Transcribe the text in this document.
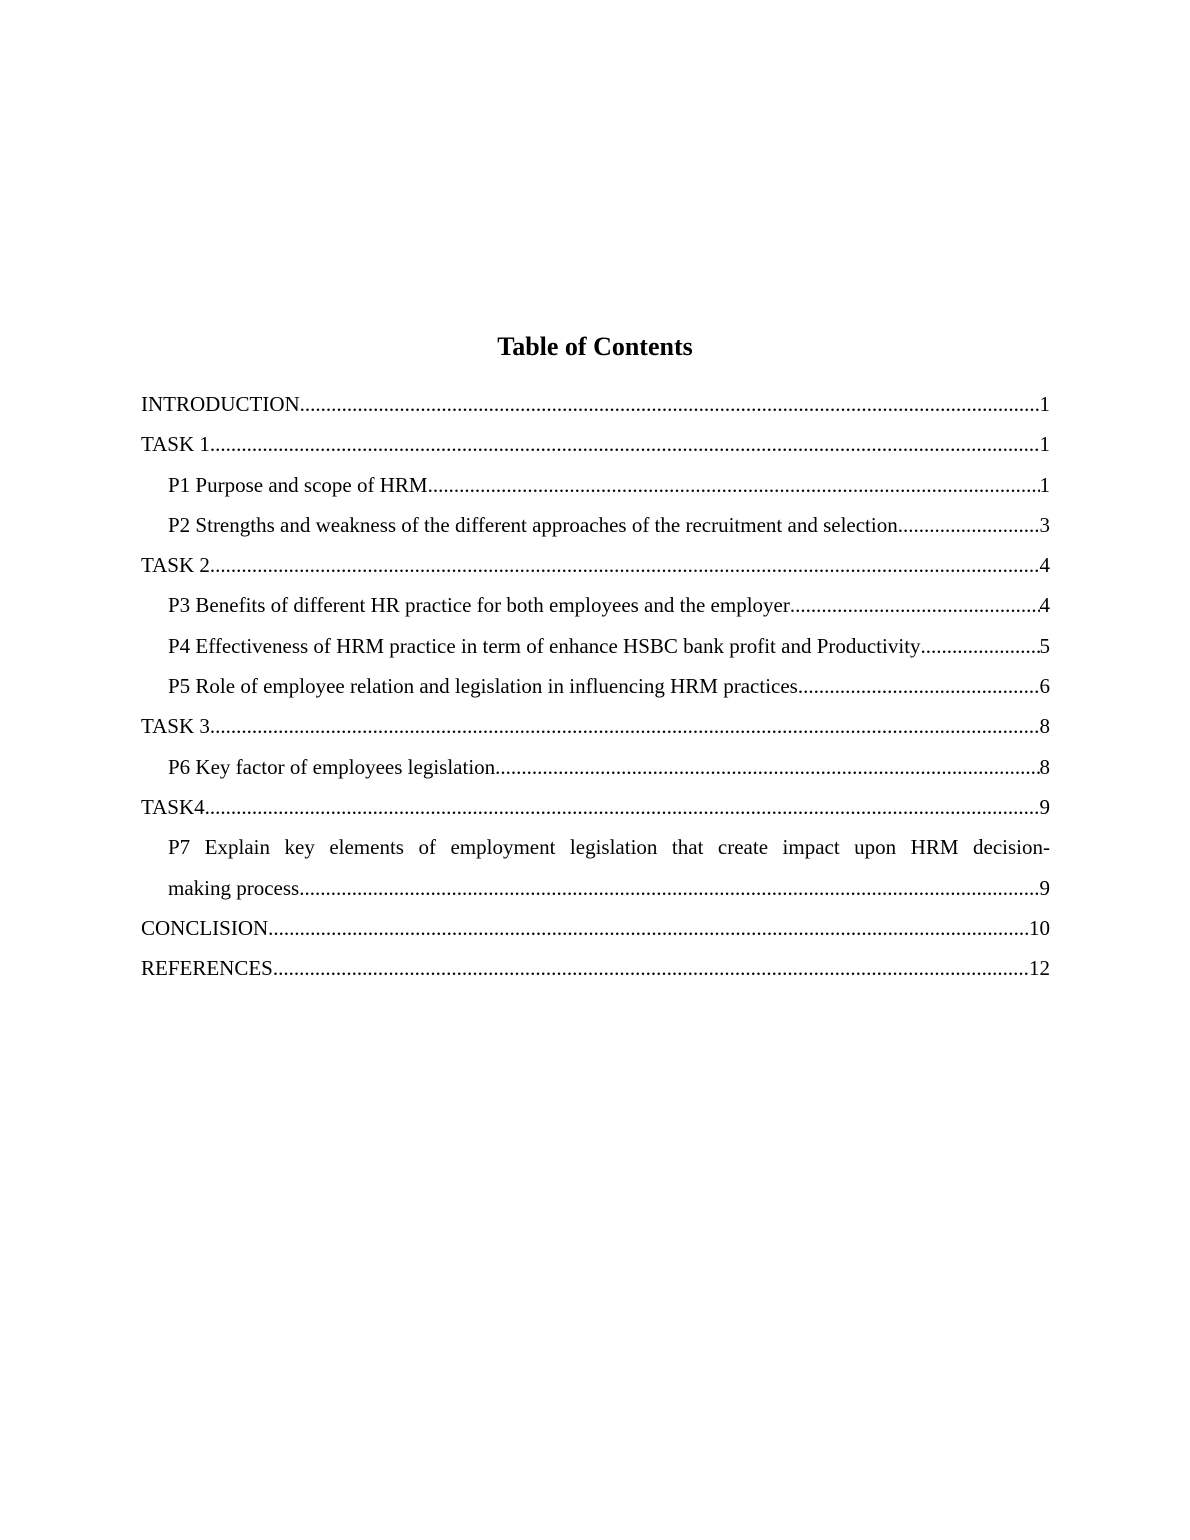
Table of Contents
INTRODUCTION .....	1
TASK 1 .....	1
P1 Purpose and scope of HRM .....	1
P2 Strengths and weakness of the different approaches of the recruitment and selection .....	3
TASK 2 .....	4
P3 Benefits of different HR practice for both employees and the employer .....	4
P4 Effectiveness of HRM practice in term of enhance HSBC bank profit and Productivity .....	5
P5 Role of employee relation and legislation in influencing HRM practices .....	6
TASK 3 .....	8
P6 Key factor of employees legislation .....	8
TASK4 .....	9
P7 Explain key elements of employment legislation that create impact upon HRM decision-
making process .....	9
CONCLISION .....	10
REFERENCES .....	12
